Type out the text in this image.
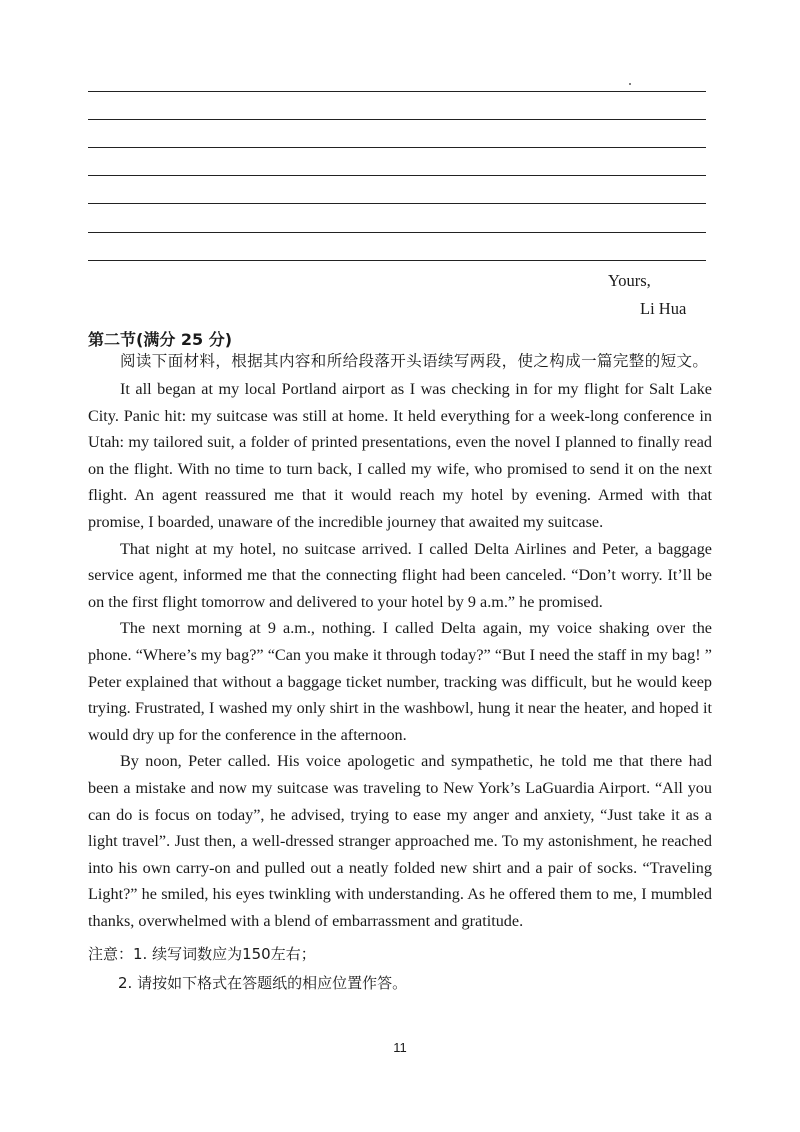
Yours,
Li Hua
第二节(满分 25 分)
阅读下面材料，根据其内容和所给段落开头语续写两段，使之构成一篇完整的短文。

It all began at my local Portland airport as I was checking in for my flight for Salt Lake City. Panic hit: my suitcase was still at home. It held everything for a week-long conference in Utah: my tailored suit, a folder of printed presentations, even the novel I planned to finally read on the flight. With no time to turn back, I called my wife, who promised to send it on the next flight. An agent reassured me that it would reach my hotel by evening. Armed with that promise, I boarded, unaware of the incredible journey that awaited my suitcase.

That night at my hotel, no suitcase arrived. I called Delta Airlines and Peter, a baggage service agent, informed me that the connecting flight had been canceled. “Don’t worry. It’ll be on the first flight tomorrow and delivered to your hotel by 9 a.m.” he promised.

The next morning at 9 a.m., nothing. I called Delta again, my voice shaking over the phone. “Where’s my bag?” “Can you make it through today?” “But I need the staff in my bag! ” Peter explained that without a baggage ticket number, tracking was difficult, but he would keep trying. Frustrated, I washed my only shirt in the washbowl, hung it near the heater, and hoped it would dry up for the conference in the afternoon.

By noon, Peter called. His voice apologetic and sympathetic, he told me that there had been a mistake and now my suitcase was traveling to New York’s LaGuardia Airport. “All you can do is focus on today”, he advised, trying to ease my anger and anxiety, “Just take it as a light travel”. Just then, a well-dressed stranger approached me. To my astonishment, he reached into his own carry-on and pulled out a neatly folded new shirt and a pair of socks. “Traveling Light?” he smiled, his eyes twinkling with understanding. As he offered them to me, I mumbled thanks, overwhelmed with a blend of embarrassment and gratitude.

注意：1. 续写词数应为150左右；
2. 请按如下格式在答题纸的相应位置作答。
11
